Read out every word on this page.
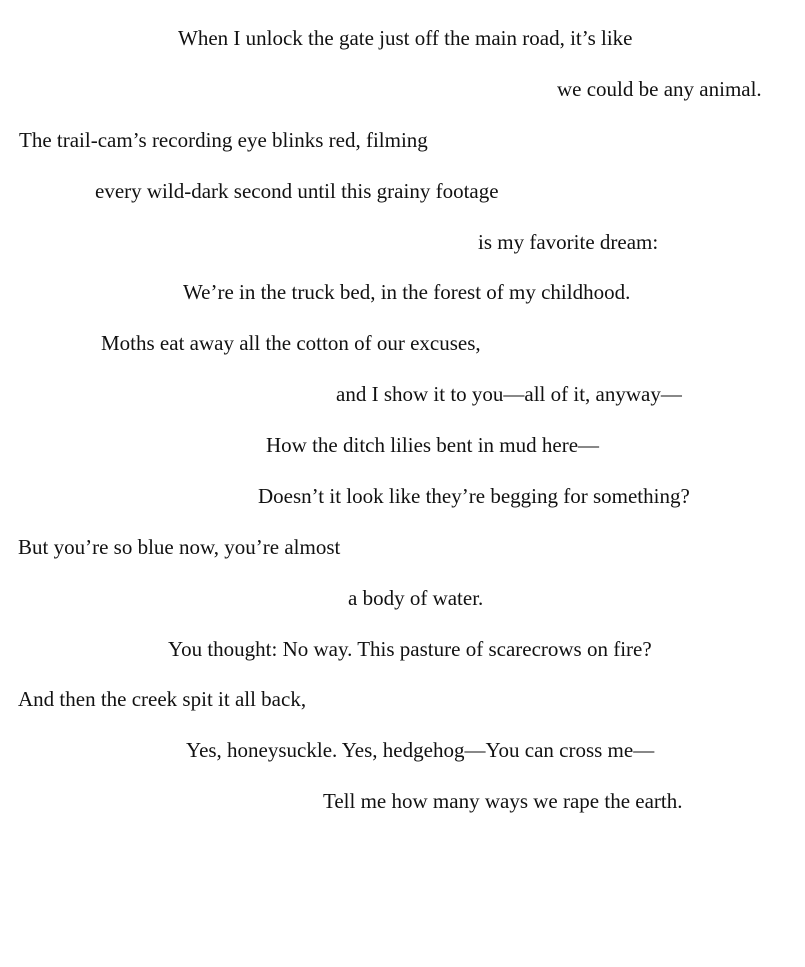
When I unlock the gate just off the main road, it’s like
we could be any animal.
The trail-cam’s recording eye blinks red, filming
every wild-dark second until this grainy footage
is my favorite dream:
We’re in the truck bed, in the forest of my childhood.
Moths eat away all the cotton of our excuses,
and I show it to you—all of it, anyway—
How the ditch lilies bent in mud here—
Doesn’t it look like they’re begging for something?
But you’re so blue now, you’re almost
a body of water.
You thought: No way. This pasture of scarecrows on fire?
And then the creek spit it all back,
Yes, honeysuckle. Yes, hedgehog—You can cross me—
Tell me how many ways we rape the earth.
